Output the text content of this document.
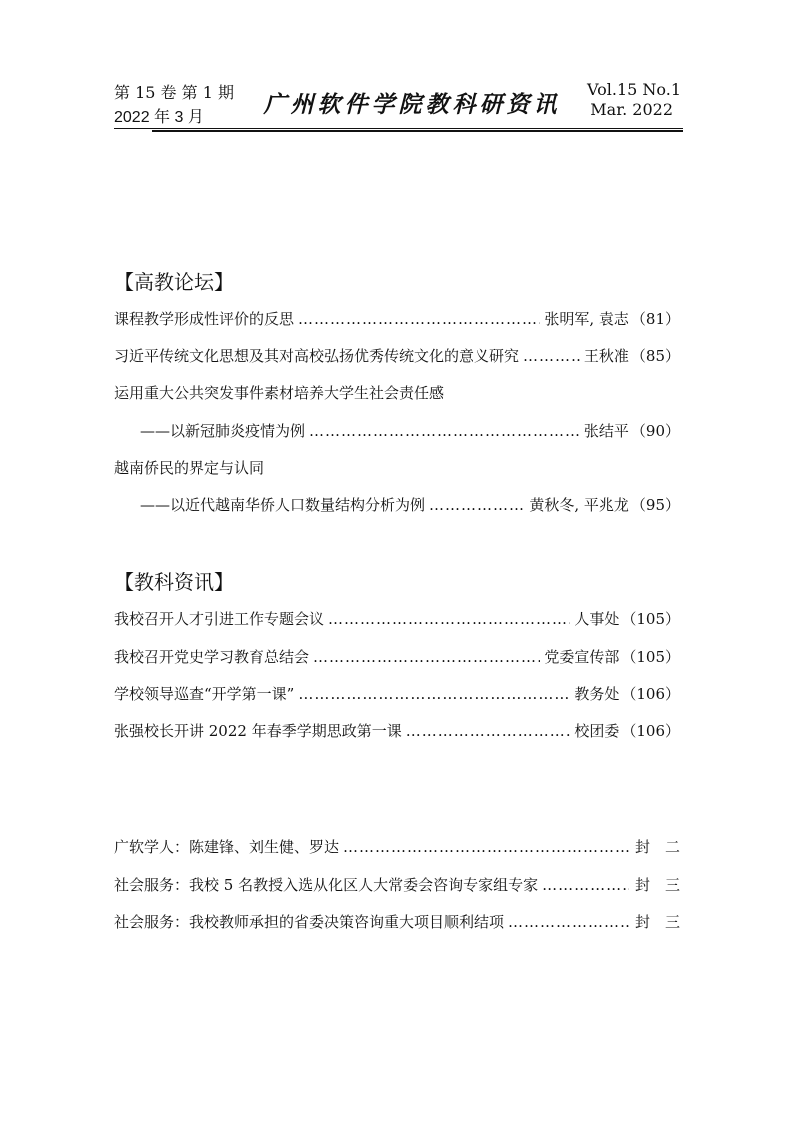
第 15 卷 第 1 期
2022 年 3 月	广州软件学院教科研资讯
Vol.15 No.1
Mar. 2022
【高教论坛】
课程教学形成性评价的反思 ……………………………………………………………………………………………………………………………………	张明军, 袁志 （81）
习近平传统文化思想及其对高校弘扬优秀传统文化的意义研究 ……………………………………………………………………………………………………………………………………	王秋准 （85）
运用重大公共突发事件素材培养大学生社会责任感
——以新冠肺炎疫情为例 ……………………………………………………………………………………………………………………………………	张结平 （90）
越南侨民的界定与认同
——以近代越南华侨人口数量结构分析为例 ……………………………………………………………………………………………………………………………………	黄秋冬, 平兆龙 （95）
【教科资讯】
我校召开人才引进工作专题会议 ……………………………………………………………………………………………………………………………………	人事处 （105）
我校召开党史学习教育总结会 ……………………………………………………………………………………………………………………………………	党委宣传部 （105）
学校领导巡查“开学第一课” ……………………………………………………………………………………………………………………………………	教务处 （106）
张强校长开讲 2022 年春季学期思政第一课 ……………………………………………………………………………………………………………………………………	校团委 （106）
广软学人：陈建锋、刘生健、罗达 ……………………………………………………………………………………………………………………………………	封　二
社会服务：我校 5 名教授入选从化区人大常委会咨询专家组专家 ……………………………………………………………………………………………………………………………………	封　三
社会服务：我校教师承担的省委决策咨询重大项目顺利结项 ……………………………………………………………………………………………………………………………………	封　三
